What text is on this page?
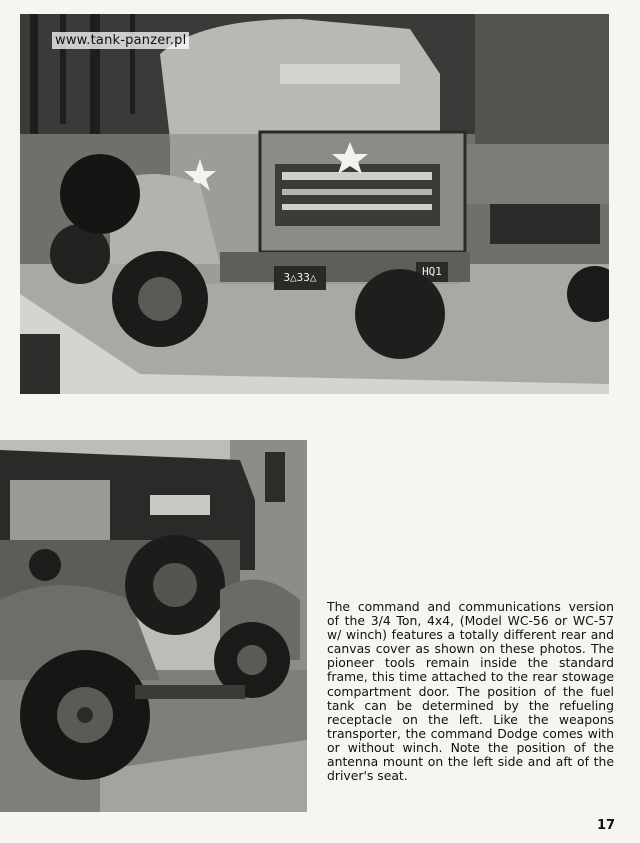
www.tank-panzer.pl
3△33△	HQ1
The command and communications version of the 3/4 Ton, 4x4, (Model WC-56 or WC-57 w/ winch) features a totally different rear and canvas cover as shown on these photos. The pioneer tools remain inside the standard frame, this time attached to the rear stowage compartment door. The position of the fuel tank can be determined by the refueling receptacle on the left. Like the weapons transporter, the command Dodge comes with or without winch. Note the position of the antenna mount on the left side and aft of the driver's seat.
17
